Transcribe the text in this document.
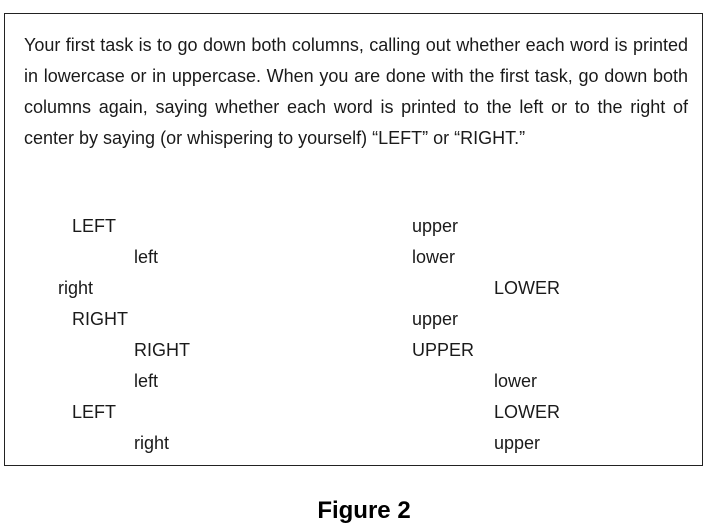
Your first task is to go down both columns, calling out whether each word is printed in lowercase or in uppercase. When you are done with the first task, go down both columns again, saying whether each word is printed to the left or to the right of center by saying (or whispering to yourself) “LEFT” or “RIGHT.”

LEFT
left
right
RIGHT
RIGHT
left
LEFT
right
upper
lower
LOWER
upper
UPPER
lower
LOWER
upper
Figure 2
